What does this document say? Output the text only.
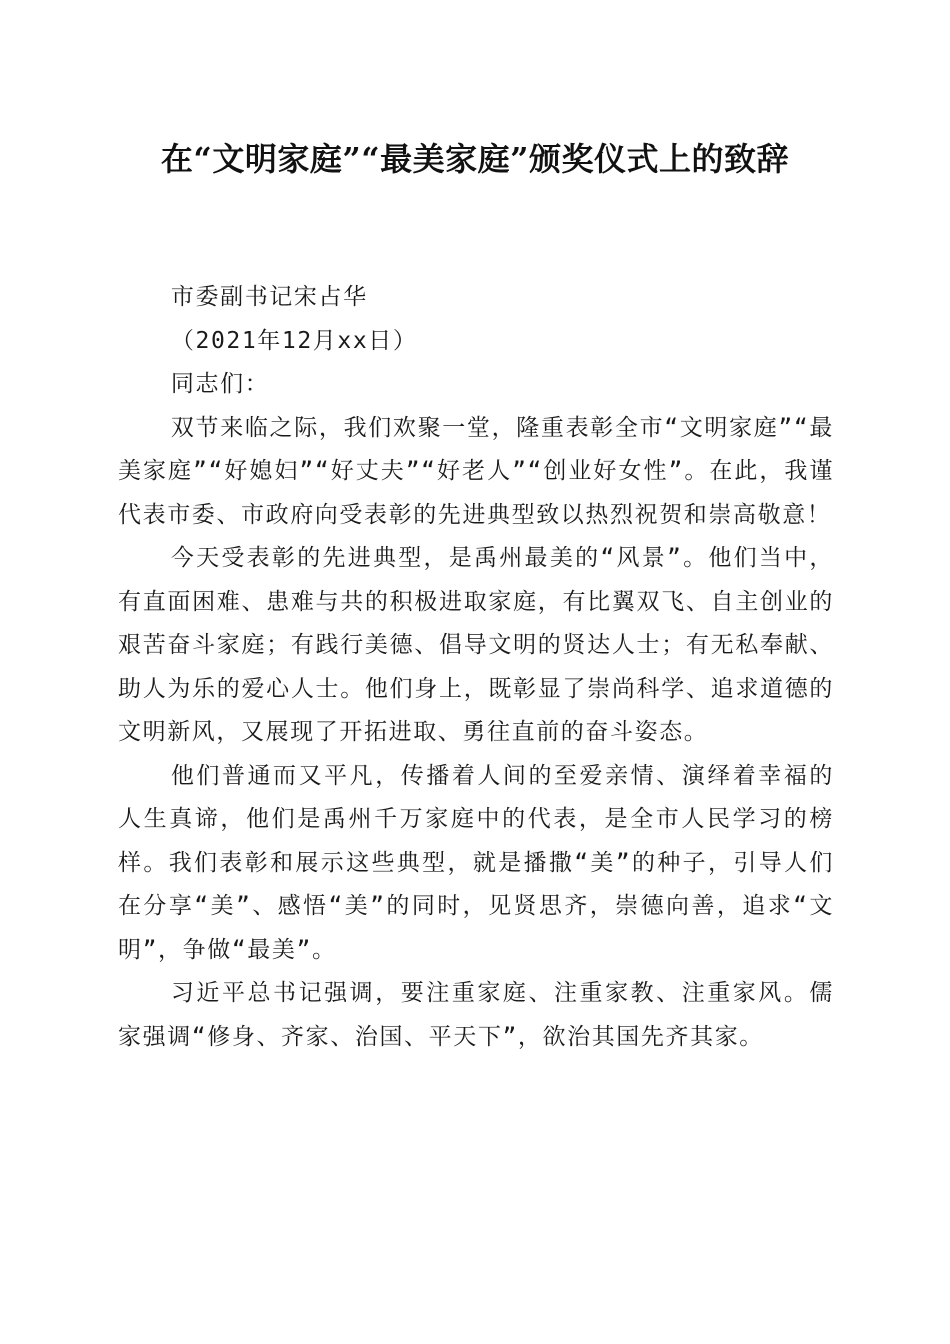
在“文明家庭”“最美家庭”颁奖仪式上的致辞

市委副书记宋占华

（2021年12月xx日）

同志们：

双节来临之际，我们欢聚一堂，隆重表彰全市“文明家庭”“最美家庭”“好媳妇”“好丈夫”“好老人”“创业好女性”。在此，我谨代表市委、市政府向受表彰的先进典型致以热烈祝贺和崇高敬意！

今天受表彰的先进典型，是禹州最美的“风景”。他们当中，有直面困难、患难与共的积极进取家庭，有比翼双飞、自主创业的艰苦奋斗家庭；有践行美德、倡导文明的贤达人士；有无私奉献、助人为乐的爱心人士。他们身上，既彰显了崇尚科学、追求道德的文明新风，又展现了开拓进取、勇往直前的奋斗姿态。

他们普通而又平凡，传播着人间的至爱亲情、演绎着幸福的人生真谛，他们是禹州千万家庭中的代表，是全市人民学习的榜样。我们表彰和展示这些典型，就是播撒“美”的种子，引导人们在分享“美”、感悟“美”的同时，见贤思齐，崇德向善，追求“文明”，争做“最美”。

习近平总书记强调，要注重家庭、注重家教、注重家风。儒家强调“修身、齐家、治国、平天下”，欲治其国先齐其家。
